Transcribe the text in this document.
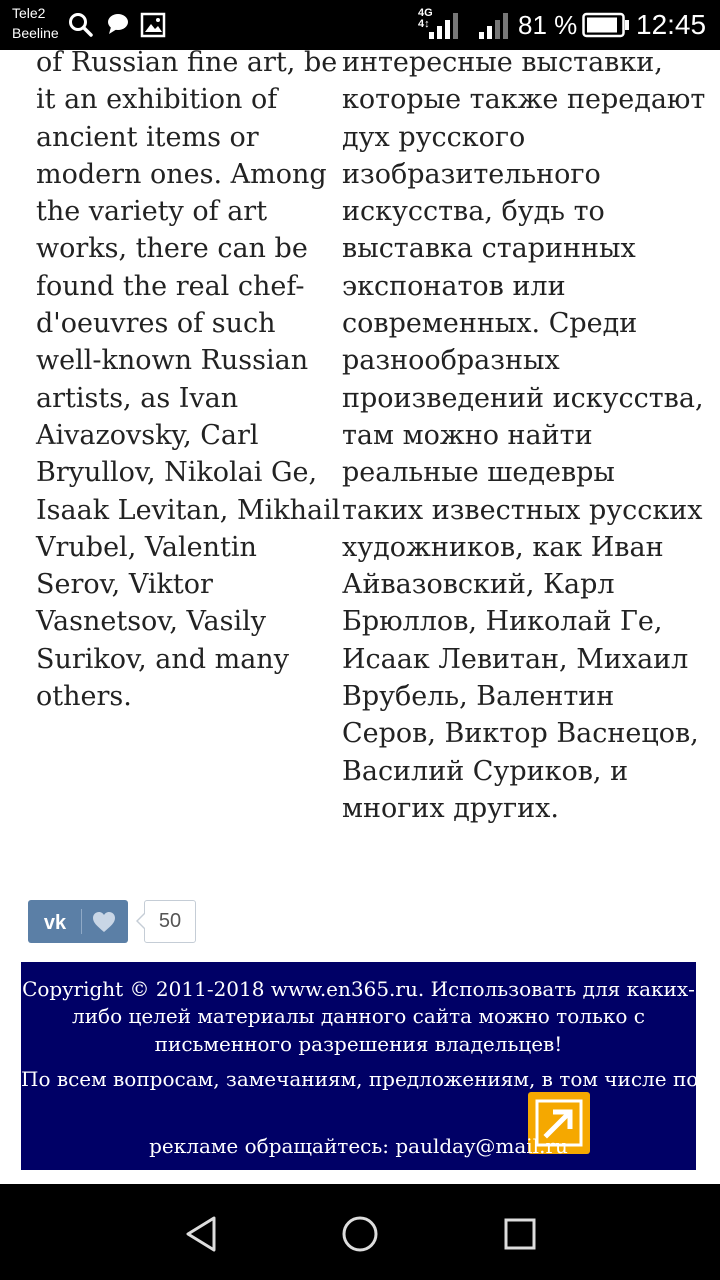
Tele2
Beeline
4G
4↕	81 % 12:45
of Russian fine art, be
it an exhibition of
ancient items or
modern ones. Among
the variety of art
works, there can be
found the real chef-
d'oeuvres of such
well-known Russian
artists, as Ivan
Aivazovsky, Carl
Bryullov, Nikolai Ge,
Isaak Levitan, Mikhail
Vrubel, Valentin
Serov, Viktor
Vasnetsov, Vasily
Surikov, and many
others.
интересные выставки,
которые также передают
дух русского
изобразительного
искусства, будь то
выставка старинных
экспонатов или
современных. Среди
разнообразных
произведений искусства,
там можно найти
реальные шедевры
таких известных русских
художников, как Иван
Айвазовский, Карл
Брюллов, Николай Ге,
Исаак Левитан, Михаил
Врубель, Валентин
Серов, Виктор Васнецов,
Василий Суриков, и
многих других.
vk	50
Copyright © 2011-2018 www.en365.ru. Использовать для каких-
либо целей материалы данного сайта можно только с
письменного разрешения владельцев!
По всем вопросам, замечаниям, предложениям, в том числе по
рекламе обращайтесь: paulday@mail.ru
